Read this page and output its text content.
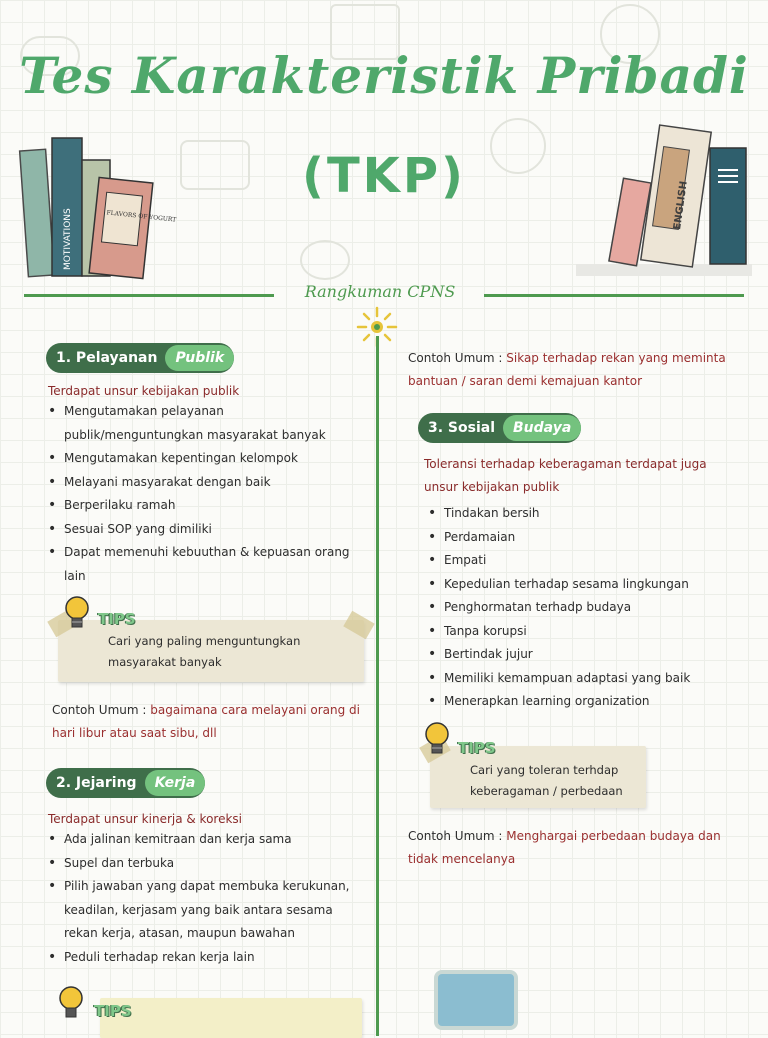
Tes Karakteristik Pribadi
(TKP)
MOTIVATIONS	FLAVORS OF YOGURT	ENGLISH
Rangkuman CPNS
1. Pelayanan	Publik
Terdapat unsur kebijakan publik
• Mengutamakan pelayanan publik/menguntungkan masyarakat banyak
• Mengutamakan kepentingan kelompok
• Melayani masyarakat dengan baik
• Berperilaku ramah
• Sesuai SOP yang dimiliki
• Dapat memenuhi kebuuthan & kepuasan orang lain
TIPS
Cari yang paling menguntungkan masyarakat banyak
Contoh Umum : bagaimana cara melayani orang di hari libur atau saat sibu, dll
2. Jejaring	Kerja
Terdapat unsur kinerja & koreksi
• Ada jalinan kemitraan dan kerja sama
• Supel dan terbuka
• Pilih jawaban yang dapat membuka kerukunan, keadilan, kerjasam yang baik antara sesama rekan kerja, atasan, maupun bawahan
• Peduli terhadap rekan kerja lain
TIPS
Contoh Umum : Sikap terhadap rekan yang meminta bantuan / saran demi kemajuan kantor
3. Sosial	Budaya
Toleransi terhadap keberagaman terdapat juga unsur kebijakan publik
• Tindakan bersih
• Perdamaian
• Empati
• Kepedulian terhadap sesama lingkungan
• Penghormatan terhadp budaya
• Tanpa korupsi
• Bertindak jujur
• Memiliki kemampuan adaptasi yang baik
• Menerapkan learning organization
TIPS
Cari yang toleran terhdap keberagaman / perbedaan
Contoh Umum : Menghargai perbedaan budaya dan tidak mencelanya
